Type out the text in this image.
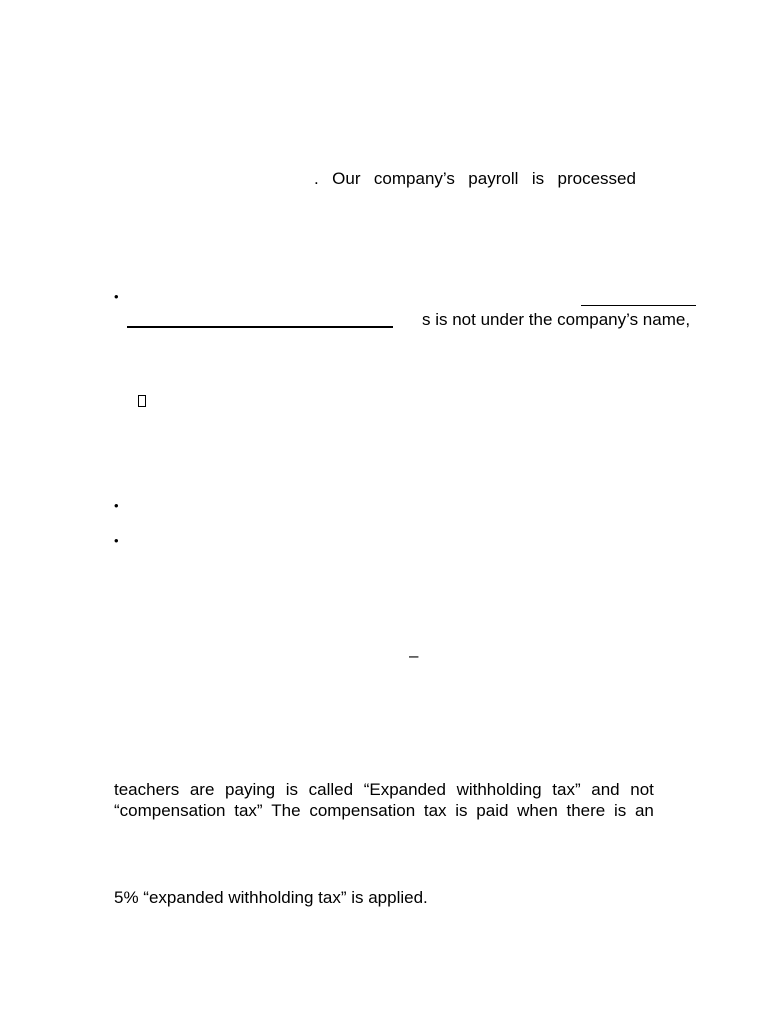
. Our company’s payroll is processed
•
s is not under the company’s name,
•
•
–
teachers are paying is called “Expanded withholding tax” and not
“compensation tax” The compensation tax is paid when there is an
5% “expanded withholding tax” is applied.
